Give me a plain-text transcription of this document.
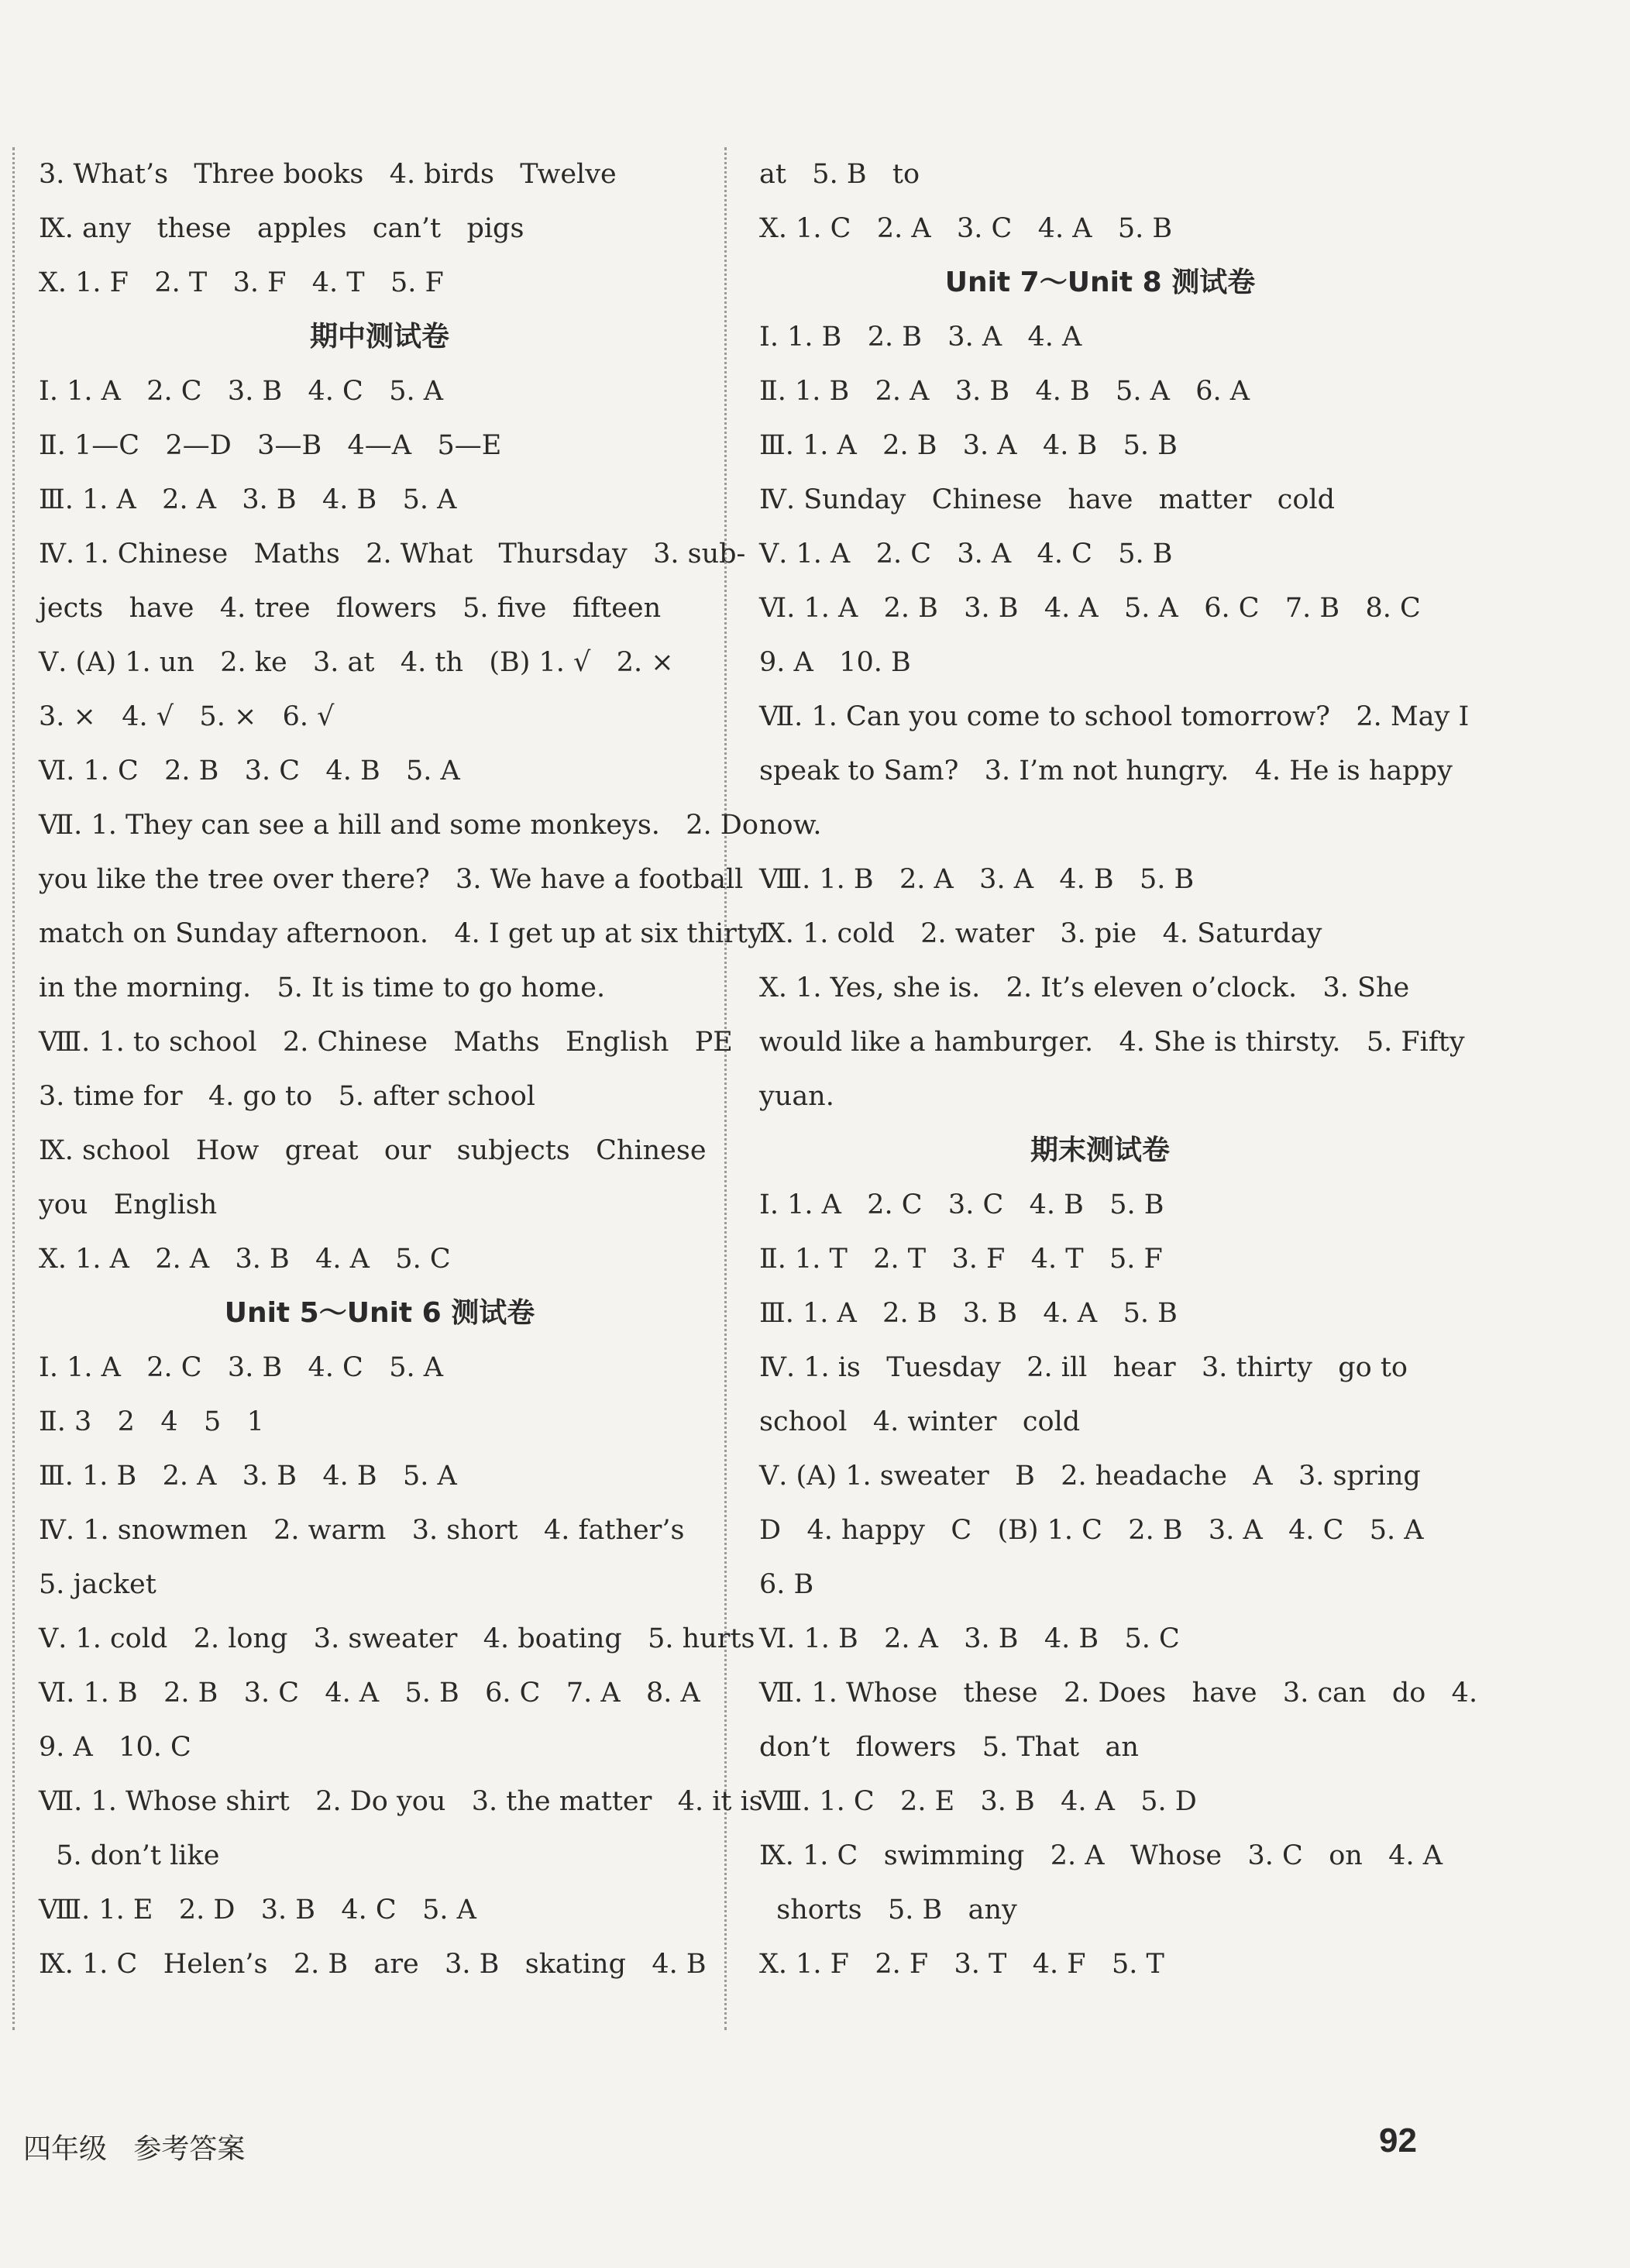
3. What’s   Three books   4. birds   Twelve
Ⅸ. any   these   apples   can’t   pigs
Ⅹ. 1. F   2. T   3. F   4. T   5. F
期中测试卷
Ⅰ. 1. A   2. C   3. B   4. C   5. A
Ⅱ. 1—C   2—D   3—B   4—A   5—E
Ⅲ. 1. A   2. A   3. B   4. B   5. A
Ⅳ. 1. Chinese   Maths   2. What   Thursday   3. sub-
jects   have   4. tree   flowers   5. five   fifteen
Ⅴ. (A) 1. un   2. ke   3. at   4. th   (B) 1. √   2. ×
3. ×   4. √   5. ×   6. √
Ⅵ. 1. C   2. B   3. C   4. B   5. A
Ⅶ. 1. They can see a hill and some monkeys.   2. Do
you like the tree over there?   3. We have a football
match on Sunday afternoon.   4. I get up at six thirty
in the morning.   5. It is time to go home.
Ⅷ. 1. to school   2. Chinese   Maths   English   PE
3. time for   4. go to   5. after school
Ⅸ. school   How   great   our   subjects   Chinese
you   English
Ⅹ. 1. A   2. A   3. B   4. A   5. C
Unit 5～Unit 6 测试卷
Ⅰ. 1. A   2. C   3. B   4. C   5. A
Ⅱ. 3   2   4   5   1
Ⅲ. 1. B   2. A   3. B   4. B   5. A
Ⅳ. 1. snowmen   2. warm   3. short   4. father’s
5. jacket
Ⅴ. 1. cold   2. long   3. sweater   4. boating   5. hurts
Ⅵ. 1. B   2. B   3. C   4. A   5. B   6. C   7. A   8. A
9. A   10. C
Ⅶ. 1. Whose shirt   2. Do you   3. the matter   4. it is
5. don’t like
Ⅷ. 1. E   2. D   3. B   4. C   5. A
Ⅸ. 1. C   Helen’s   2. B   are   3. B   skating   4. B
at   5. B   to
Ⅹ. 1. C   2. A   3. C   4. A   5. B
Unit 7～Unit 8 测试卷
Ⅰ. 1. B   2. B   3. A   4. A
Ⅱ. 1. B   2. A   3. B   4. B   5. A   6. A
Ⅲ. 1. A   2. B   3. A   4. B   5. B
Ⅳ. Sunday   Chinese   have   matter   cold
Ⅴ. 1. A   2. C   3. A   4. C   5. B
Ⅵ. 1. A   2. B   3. B   4. A   5. A   6. C   7. B   8. C
9. A   10. B
Ⅶ. 1. Can you come to school tomorrow?   2. May I
speak to Sam?   3. I’m not hungry.   4. He is happy
now.
Ⅷ. 1. B   2. A   3. A   4. B   5. B
Ⅸ. 1. cold   2. water   3. pie   4. Saturday
Ⅹ. 1. Yes, she is.   2. It’s eleven o’clock.   3. She
would like a hamburger.   4. She is thirsty.   5. Fifty
yuan.
期末测试卷
Ⅰ. 1. A   2. C   3. C   4. B   5. B
Ⅱ. 1. T   2. T   3. F   4. T   5. F
Ⅲ. 1. A   2. B   3. B   4. A   5. B
Ⅳ. 1. is   Tuesday   2. ill   hear   3. thirty   go to
school   4. winter   cold
Ⅴ. (A) 1. sweater   B   2. headache   A   3. spring
D   4. happy   C   (B) 1. C   2. B   3. A   4. C   5. A
6. B
Ⅵ. 1. B   2. A   3. B   4. B   5. C
Ⅶ. 1. Whose   these   2. Does   have   3. can   do   4.
don’t   flowers   5. That   an
Ⅷ. 1. C   2. E   3. B   4. A   5. D
Ⅸ. 1. C   swimming   2. A   Whose   3. C   on   4. A
shorts   5. B   any
Ⅹ. 1. F   2. F   3. T   4. F   5. T
四年级   参考答案	92
